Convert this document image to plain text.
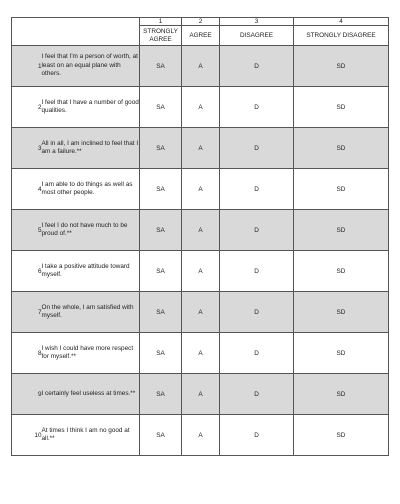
		1	2	3	4
		STRONGLY AGREE	AGREE	DISAGREE	STRONGLY DISAGREE
1	I feel that I'm a person of worth, at least on an equal plane with others.	SA	A	D	SD
2	I feel that I have a number of good qualities.	SA	A	D	SD
3	All in all, I am inclined to feel that I am a failure.**	SA	A	D	SD
4	I am able to do things as well as most other people.	SA	A	D	SD
5	I feel I do not have much to be proud of.**	SA	A	D	SD
6	I take a positive attitude toward myself.	SA	A	D	SD
7	On the whole, I am satisfied with myself.	SA	A	D	SD
8	I wish I could have more respect for myself.**	SA	A	D	SD
9	I certainly feel useless at times.**	SA	A	D	SD
10	At times I think I am no good at all.**	SA	A	D	SD
